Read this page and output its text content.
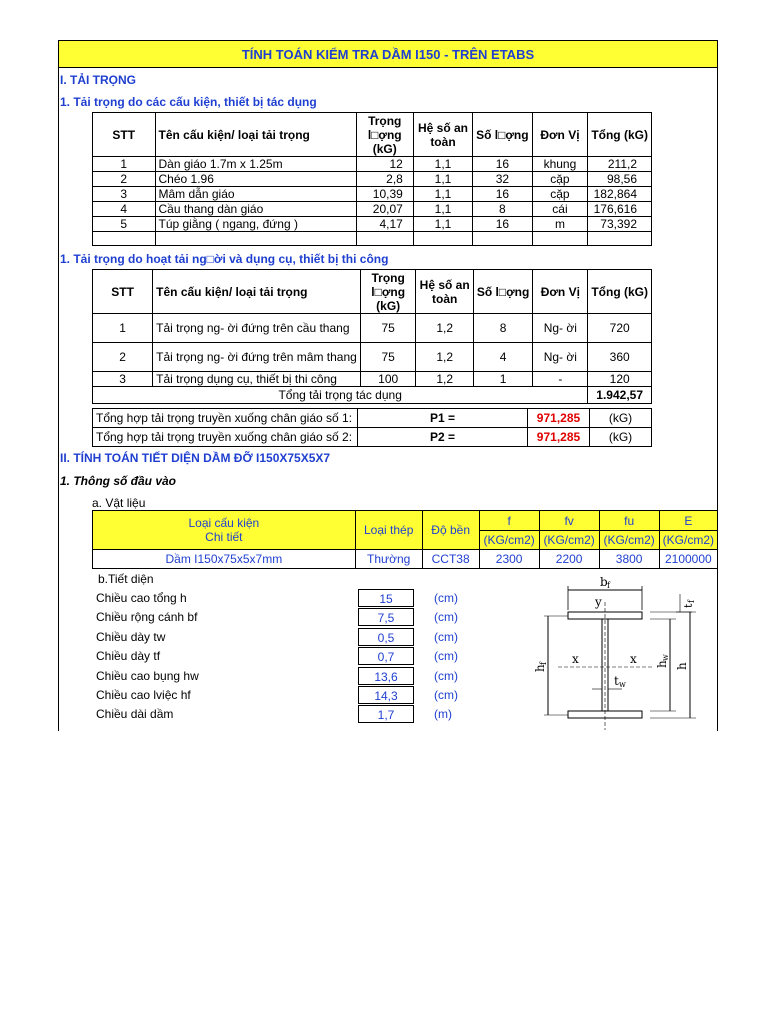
TÍNH TOÁN KIỂM TRA DẦM I150 - TRÊN ETABS
I. TẢI TRỌNG
1. Tải trọng do các cấu kiện, thiết bị tác dụng
STT	Tên cấu kiện/ loại tải trọng	Trọng l□ợng (kG)	Hệ số an toàn	Số l□ợng	Đơn Vị	Tổng (kG)
1	Dàn giáo 1.7m x 1.25m	12	1,1	16	khung	211,2
2	Chéo 1.96	2,8	1,1	32	cặp	98,56
3	Mâm dẫn giáo	10,39	1,1	16	cặp	182,864
4	Cầu thang dàn giáo	20,07	1,1	8	cái	176,616
5	Túp giằng ( ngang, đứng )	4,17	1,1	16	m	73,392

1. Tải trọng do hoạt tải ng□ời và dụng cụ, thiết bị thi công
STT	Tên cấu kiện/ loại tải trọng	Trọng l□ợng (kG)	Hệ số an toàn	Số l□ợng	Đơn Vị	Tổng (kG)
1	Tải trọng ng- ời đứng trên cầu thang	75	1,2	8	Ng- ời	720
2	Tải trọng ng- ời đứng trên mâm thang	75	1,2	4	Ng- ời	360
3	Tải trọng dụng cụ, thiết bị thi công	100	1,2	1	-	120
Tổng tải trọng tác dụng						1.942,57
Tổng hợp tải trọng truyền xuống chân giáo số 1:	P1 =	971,285	(kG)
Tổng hợp tải trọng truyền xuống chân giáo số 2:	P2 =	971,285	(kG)
II. TÍNH TOÁN TIẾT DIỆN DẦM ĐỠ I150X75X5X7
1. Thông số đầu vào
a. Vật liệu
Loại cấu kiện
Chi tiết	Loại thép	Độ bền	f	fv	fu	E
			(KG/cm2)	(KG/cm2)	(KG/cm2)	(KG/cm2)
Dầm I150x75x5x7mm	Thường	CCT38	2300	2200	3800	2100000
b.Tiết diện
Chiều cao tổng h	15	(cm)
Chiều rộng cánh bf	7,5	(cm)
Chiều dày tw	0,5	(cm)
Chiều dày tf	0,7	(cm)
Chiều cao bụng hw	13,6	(cm)
Chiều cao lviệc hf	14,3	(cm)
Chiều dài dầm	1,7	(m)
b f
y
x	x
h
f
t w
h
w
h
t
f
